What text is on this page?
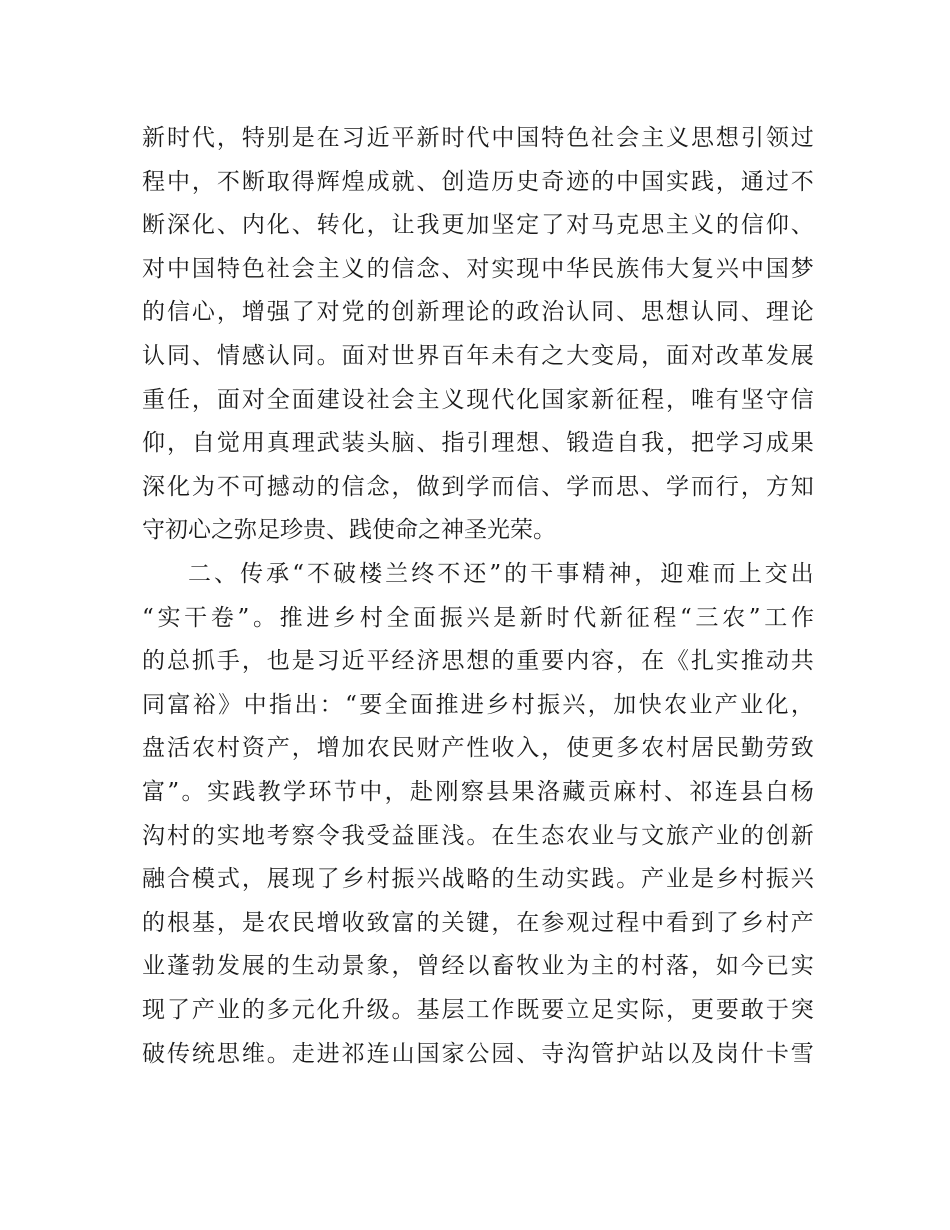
新 时 代 ， 特 别 是 在 习 近 平 新 时 代 中 国 特 色 社 会 主 义 思 想 引 领 过
程 中 ， 不 断 取 得 辉 煌 成 就 、 创 造 历 史 奇 迹 的 中 国 实 践 ， 通 过 不
断 深 化 、 内 化 、 转 化 ， 让 我 更 加 坚 定 了 对 马 克 思 主 义 的 信 仰 、
对 中 国 特 色 社 会 主 义 的 信 念 、 对 实 现 中 华 民 族 伟 大 复 兴 中 国 梦
的 信 心 ， 增 强 了 对 党 的 创 新 理 论 的 政 治 认 同 、 思 想 认 同 、 理 论
认 同 、 情 感 认 同 。 面 对 世 界 百 年 未 有 之 大 变 局 ， 面 对 改 革 发 展
重 任 ， 面 对 全 面 建 设 社 会 主 义 现 代 化 国 家 新 征 程 ， 唯 有 坚 守 信
仰 ， 自 觉 用 真 理 武 装 头 脑 、 指 引 理 想 、 锻 造 自 我 ， 把 学 习 成 果
深 化 为 不 可 撼 动 的 信 念 ， 做 到 学 而 信 、 学 而 思 、 学 而 行 ， 方 知
守初心之弥足珍贵、践使命之神圣光荣。
二 、 传 承 “ 不 破 楼 兰 终 不 还 ” 的 干 事 精 神 ， 迎 难 而 上 交 出
“ 实 干 卷 ” 。 推 进 乡 村 全 面 振 兴 是 新 时 代 新 征 程 “ 三 农 ” 工 作
的 总 抓 手 ， 也 是 习 近 平 经 济 思 想 的 重 要 内 容 ， 在 《 扎 实 推 动 共
同 富 裕 》 中 指 出 ： “ 要 全 面 推 进 乡 村 振 兴 ， 加 快 农 业 产 业 化 ，
盘 活 农 村 资 产 ， 增 加 农 民 财 产 性 收 入 ， 使 更 多 农 村 居 民 勤 劳 致
富 ” 。 实 践 教 学 环 节 中 ， 赴 刚 察 县 果 洛 藏 贡 麻 村 、 祁 连 县 白 杨
沟 村 的 实 地 考 察 令 我 受 益 匪 浅 。 在 生 态 农 业 与 文 旅 产 业 的 创 新
融 合 模 式 ， 展 现 了 乡 村 振 兴 战 略 的 生 动 实 践 。 产 业 是 乡 村 振 兴
的 根 基 ， 是 农 民 增 收 致 富 的 关 键 ， 在 参 观 过 程 中 看 到 了 乡 村 产
业 蓬 勃 发 展 的 生 动 景 象 ， 曾 经 以 畜 牧 业 为 主 的 村 落 ， 如 今 已 实
现 了 产 业 的 多 元 化 升 级 。 基 层 工 作 既 要 立 足 实 际 ， 更 要 敢 于 突
破 传 统 思 维 。 走 进 祁 连 山 国 家 公 园 、 寺 沟 管 护 站 以 及 岗 什 卡 雪
